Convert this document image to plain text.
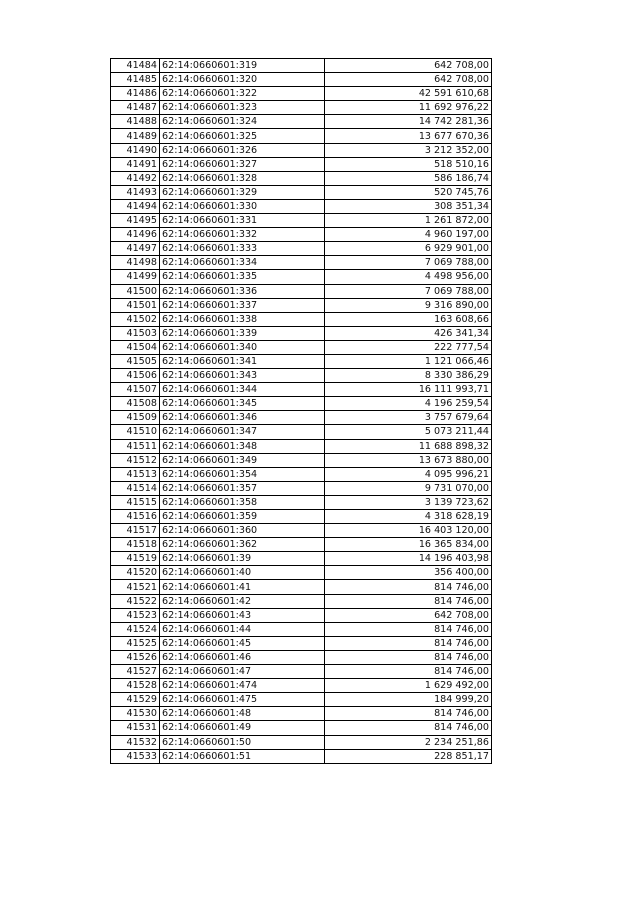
41484	62:14:0660601:319	642 708,00
41485	62:14:0660601:320	642 708,00
41486	62:14:0660601:322	42 591 610,68
41487	62:14:0660601:323	11 692 976,22
41488	62:14:0660601:324	14 742 281,36
41489	62:14:0660601:325	13 677 670,36
41490	62:14:0660601:326	3 212 352,00
41491	62:14:0660601:327	518 510,16
41492	62:14:0660601:328	586 186,74
41493	62:14:0660601:329	520 745,76
41494	62:14:0660601:330	308 351,34
41495	62:14:0660601:331	1 261 872,00
41496	62:14:0660601:332	4 960 197,00
41497	62:14:0660601:333	6 929 901,00
41498	62:14:0660601:334	7 069 788,00
41499	62:14:0660601:335	4 498 956,00
41500	62:14:0660601:336	7 069 788,00
41501	62:14:0660601:337	9 316 890,00
41502	62:14:0660601:338	163 608,66
41503	62:14:0660601:339	426 341,34
41504	62:14:0660601:340	222 777,54
41505	62:14:0660601:341	1 121 066,46
41506	62:14:0660601:343	8 330 386,29
41507	62:14:0660601:344	16 111 993,71
41508	62:14:0660601:345	4 196 259,54
41509	62:14:0660601:346	3 757 679,64
41510	62:14:0660601:347	5 073 211,44
41511	62:14:0660601:348	11 688 898,32
41512	62:14:0660601:349	13 673 880,00
41513	62:14:0660601:354	4 095 996,21
41514	62:14:0660601:357	9 731 070,00
41515	62:14:0660601:358	3 139 723,62
41516	62:14:0660601:359	4 318 628,19
41517	62:14:0660601:360	16 403 120,00
41518	62:14:0660601:362	16 365 834,00
41519	62:14:0660601:39	14 196 403,98
41520	62:14:0660601:40	356 400,00
41521	62:14:0660601:41	814 746,00
41522	62:14:0660601:42	814 746,00
41523	62:14:0660601:43	642 708,00
41524	62:14:0660601:44	814 746,00
41525	62:14:0660601:45	814 746,00
41526	62:14:0660601:46	814 746,00
41527	62:14:0660601:47	814 746,00
41528	62:14:0660601:474	1 629 492,00
41529	62:14:0660601:475	184 999,20
41530	62:14:0660601:48	814 746,00
41531	62:14:0660601:49	814 746,00
41532	62:14:0660601:50	2 234 251,86
41533	62:14:0660601:51	228 851,17
